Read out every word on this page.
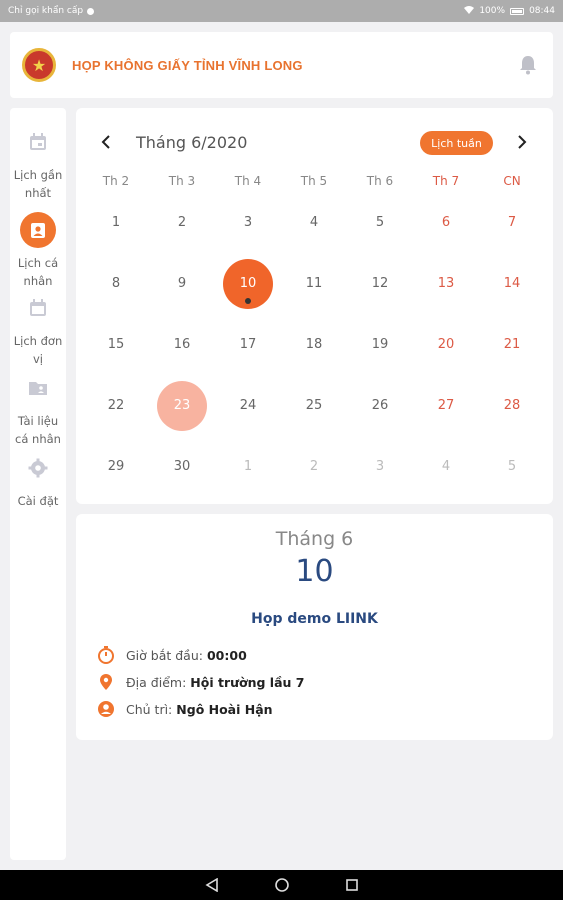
Chỉ gọi khẩn cấp	100%	08:44
★	HỌP KHÔNG GIẤY TỈNH VĨNH LONG
Lịch gần nhất
Lịch cá nhân
Lịch đơn vị
Tài liệu cá nhân
Cài đặt
Tháng 6/2020	Lịch tuần
Th 2	Th 3	Th 4	Th 5	Th 6	Th 7	CN
1	2	3	4	5	6	7
8	9	10	11	12	13	14
15	16	17	18	19	20	21
22	23	24	25	26	27	28
29	30	1	2	3	4	5
Tháng 6
10
Họp demo LIINK
Giờ bắt đầu: 00:00
Địa điểm: Hội trường lầu 7
Chủ trì: Ngô Hoài Hận
